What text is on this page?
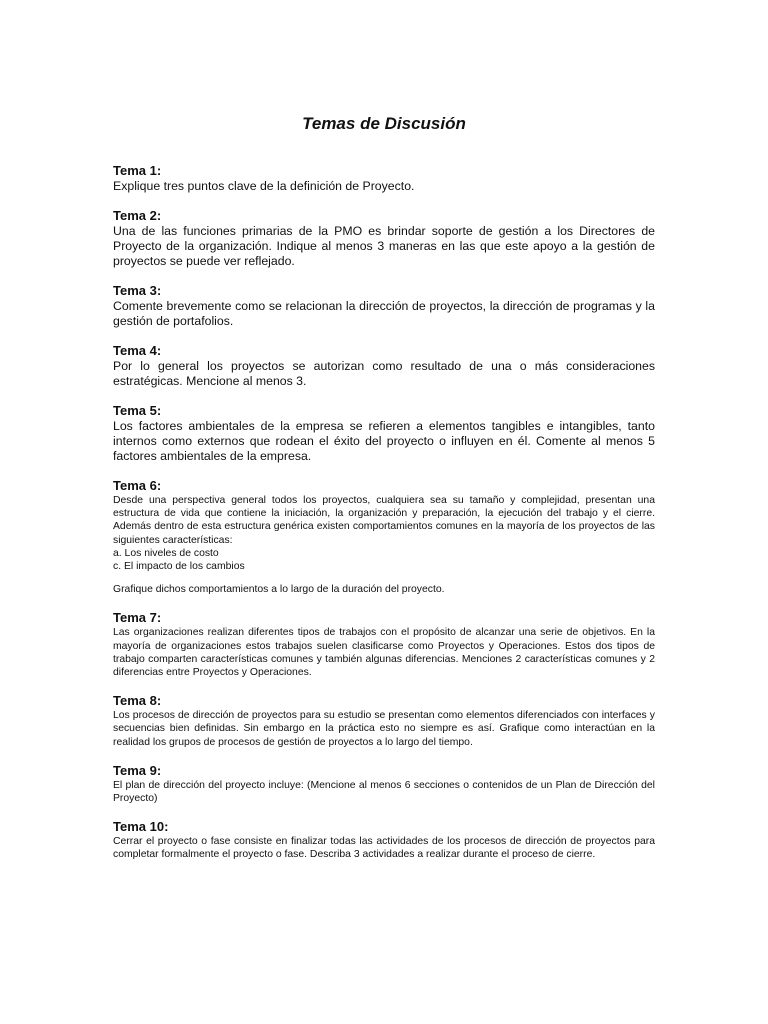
Temas de Discusión

Tema 1:

Explique tres puntos clave de la definición de Proyecto.

Tema 2:

Una de las funciones primarias de la PMO es brindar soporte de gestión a los Directores de Proyecto de la organización. Indique al menos 3 maneras en las que este apoyo a la gestión de proyectos se puede ver reflejado.

Tema 3:

Comente brevemente como se relacionan la dirección de proyectos, la dirección de programas y la gestión de portafolios.

Tema 4:

Por lo general los proyectos se autorizan como resultado de una o más consideraciones estratégicas. Mencione al menos 3.

Tema 5:

Los factores ambientales de la empresa se refieren a elementos tangibles e intangibles, tanto internos como externos que rodean el éxito del proyecto o influyen en él. Comente al menos 5 factores ambientales de la empresa.

Tema 6:

Desde una perspectiva general todos los proyectos, cualquiera sea su tamaño y complejidad, presentan una estructura de vida que contiene la iniciación, la organización y preparación, la ejecución del trabajo y el cierre. Además dentro de esta estructura genérica existen comportamientos comunes en la mayoría de los proyectos de las siguientes características:
a. Los niveles de costo
c. El impacto de los cambios

Grafique dichos comportamientos a lo largo de la duración del proyecto.

Tema 7:

Las organizaciones realizan diferentes tipos de trabajos con el propósito de alcanzar una serie de objetivos. En la mayoría de organizaciones estos trabajos suelen clasificarse como Proyectos y Operaciones. Estos dos tipos de trabajo comparten características comunes y también algunas diferencias. Menciones 2 características comunes y 2 diferencias entre Proyectos y Operaciones.

Tema 8:

Los procesos de dirección de proyectos para su estudio se presentan como elementos diferenciados con interfaces y secuencias bien definidas. Sin embargo en la práctica esto no siempre es así. Grafique como interactúan en la realidad los grupos de procesos de gestión de proyectos a lo largo del tiempo.

Tema 9:

El plan de dirección del proyecto incluye: (Mencione al menos 6 secciones o contenidos de un Plan de Dirección del Proyecto)

Tema 10:

Cerrar el proyecto o fase consiste en finalizar todas las actividades de los procesos de dirección de proyectos para completar formalmente el proyecto o fase. Describa 3 actividades a realizar durante el proceso de cierre.
